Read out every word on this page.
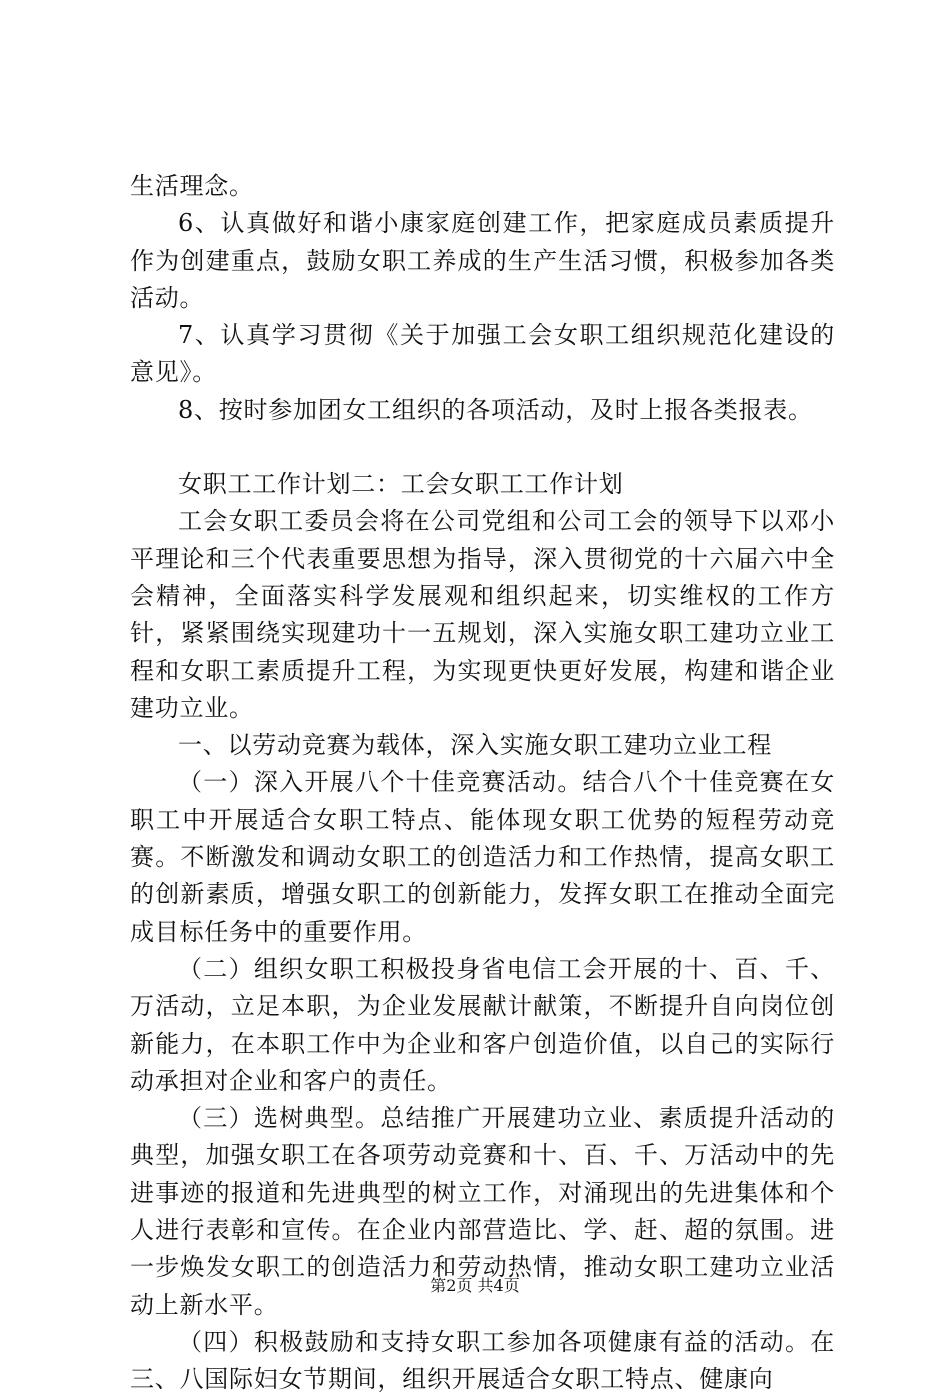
生活理念。

6、认真做好和谐小康家庭创建工作，把家庭成员素质提升作为创建重点，鼓励女职工养成的生产生活习惯，积极参加各类活动。

7、认真学习贯彻《关于加强工会女职工组织规范化建设的意见》。

8、按时参加团女工组织的各项活动，及时上报各类报表。

女职工工作计划二：工会女职工工作计划

工会女职工委员会将在公司党组和公司工会的领导下以邓小平理论和三个代表重要思想为指导，深入贯彻党的十六届六中全会精神，全面落实科学发展观和组织起来，切实维权的工作方针，紧紧围绕实现建功十一五规划，深入实施女职工建功立业工程和女职工素质提升工程，为实现更快更好发展，构建和谐企业建功立业。

一、以劳动竞赛为载体，深入实施女职工建功立业工程

（一）深入开展八个十佳竞赛活动。结合八个十佳竞赛在女职工中开展适合女职工特点、能体现女职工优势的短程劳动竞赛。不断激发和调动女职工的创造活力和工作热情，提高女职工的创新素质，增强女职工的创新能力，发挥女职工在推动全面完成目标任务中的重要作用。

（二）组织女职工积极投身省电信工会开展的十、百、千、万活动，立足本职，为企业发展献计献策，不断提升自向岗位创新能力，在本职工作中为企业和客户创造价值，以自己的实际行动承担对企业和客户的责任。

（三）选树典型。总结推广开展建功立业、素质提升活动的典型，加强女职工在各项劳动竞赛和十、百、千、万活动中的先进事迹的报道和先进典型的树立工作，对涌现出的先进集体和个人进行表彰和宣传。在企业内部营造比、学、赶、超的氛围。进一步焕发女职工的创造活力和劳动热情，推动女职工建功立业活动上新水平。

（四）积极鼓励和支持女职工参加各项健康有益的活动。在三、八国际妇女节期间，组织开展适合女职工特点、健康向

第2页 共4页
